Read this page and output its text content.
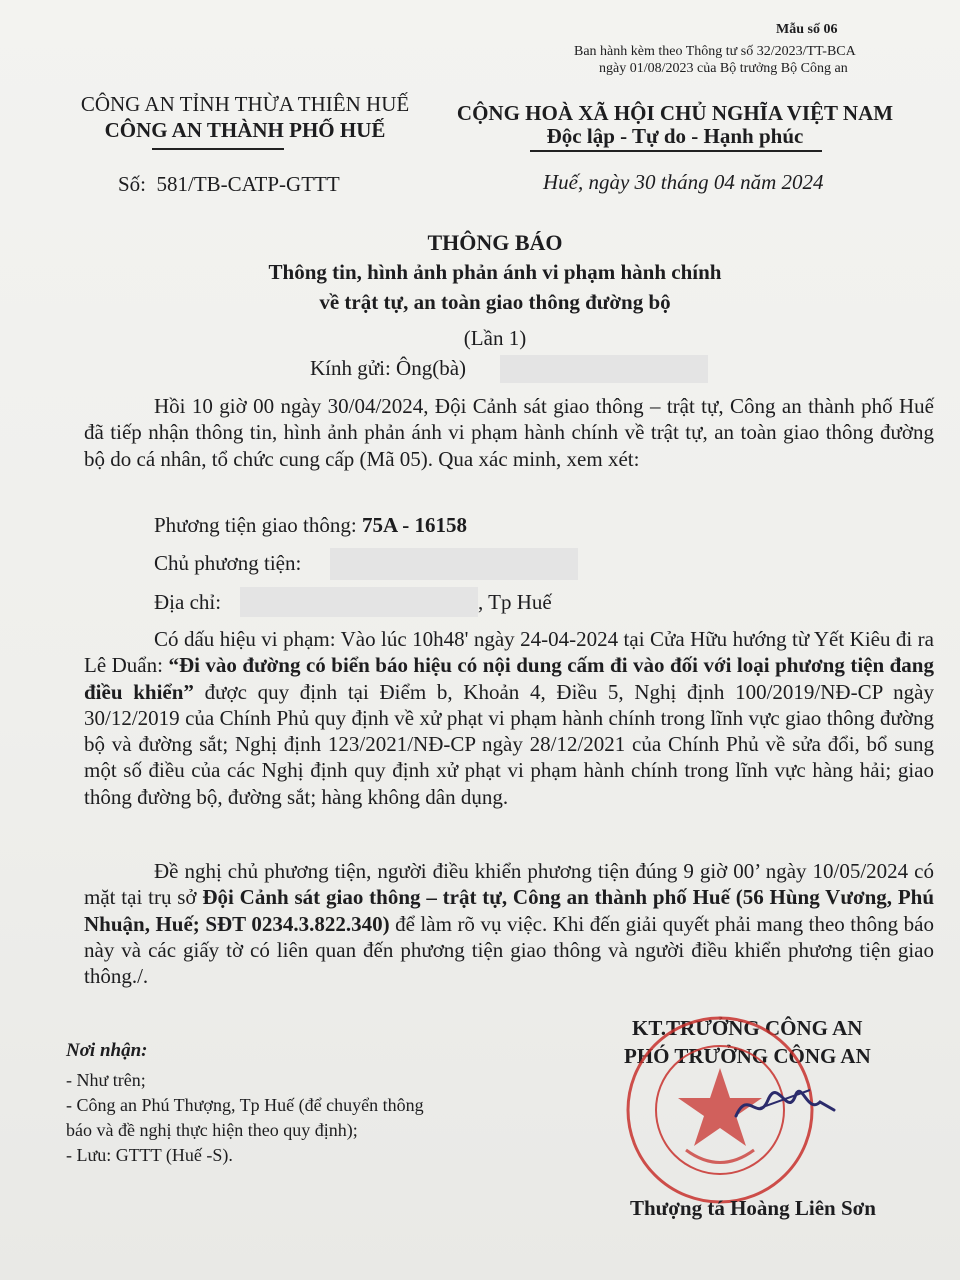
Mẫu số 06
Ban hành kèm theo Thông tư số 32/2023/TT-BCA
ngày 01/08/2023 của Bộ trưởng Bộ Công an
CÔNG AN TỈNH THỪA THIÊN HUẾ
CÔNG AN THÀNH PHỐ HUẾ
Số: 581/TB-CATP-GTTT
CỘNG HOÀ XÃ HỘI CHỦ NGHĨA VIỆT NAM
Độc lập - Tự do - Hạnh phúc
Huế, ngày 30 tháng 04 năm 2024
THÔNG BÁO
Thông tin, hình ảnh phản ánh vi phạm hành chính
về trật tự, an toàn giao thông đường bộ
(Lần 1)
Kính gửi: Ông(bà)
Hồi 10 giờ 00 ngày 30/04/2024, Đội Cảnh sát giao thông – trật tự, Công an thành phố Huế đã tiếp nhận thông tin, hình ảnh phản ánh vi phạm hành chính về trật tự, an toàn giao thông đường bộ do cá nhân, tổ chức cung cấp (Mã 05). Qua xác minh, xem xét:
Phương tiện giao thông: 75A - 16158
Chủ phương tiện:
Địa chỉ:	, Tp Huế
Có dấu hiệu vi phạm: Vào lúc 10h48' ngày 24-04-2024 tại Cửa Hữu hướng từ Yết Kiêu đi ra Lê Duẩn: “Đi vào đường có biển báo hiệu có nội dung cấm đi vào đối với loại phương tiện đang điều khiển” được quy định tại Điểm b, Khoản 4, Điều 5, Nghị định 100/2019/NĐ-CP ngày 30/12/2019 của Chính Phủ quy định về xử phạt vi phạm hành chính trong lĩnh vực giao thông đường bộ và đường sắt; Nghị định 123/2021/NĐ-CP ngày 28/12/2021 của Chính Phủ về sửa đổi, bổ sung một số điều của các Nghị định quy định xử phạt vi phạm hành chính trong lĩnh vực hàng hải; giao thông đường bộ, đường sắt; hàng không dân dụng.
Đề nghị chủ phương tiện, người điều khiển phương tiện đúng 9 giờ 00’ ngày 10/05/2024 có mặt tại trụ sở Đội Cảnh sát giao thông – trật tự, Công an thành phố Huế (56 Hùng Vương, Phú Nhuận, Huế; SĐT 0234.3.822.340) để làm rõ vụ việc. Khi đến giải quyết phải mang theo thông báo này và các giấy tờ có liên quan đến phương tiện giao thông và người điều khiển phương tiện giao thông./.
Nơi nhận:
- Như trên;
- Công an Phú Thượng, Tp Huế (để chuyển thông
báo và đề nghị thực hiện theo quy định);
- Lưu: GTTT (Huế -S).
KT.TRƯỞNG CÔNG AN
PHÓ TRƯỞNG CÔNG AN
Thượng tá Hoàng Liên Sơn
